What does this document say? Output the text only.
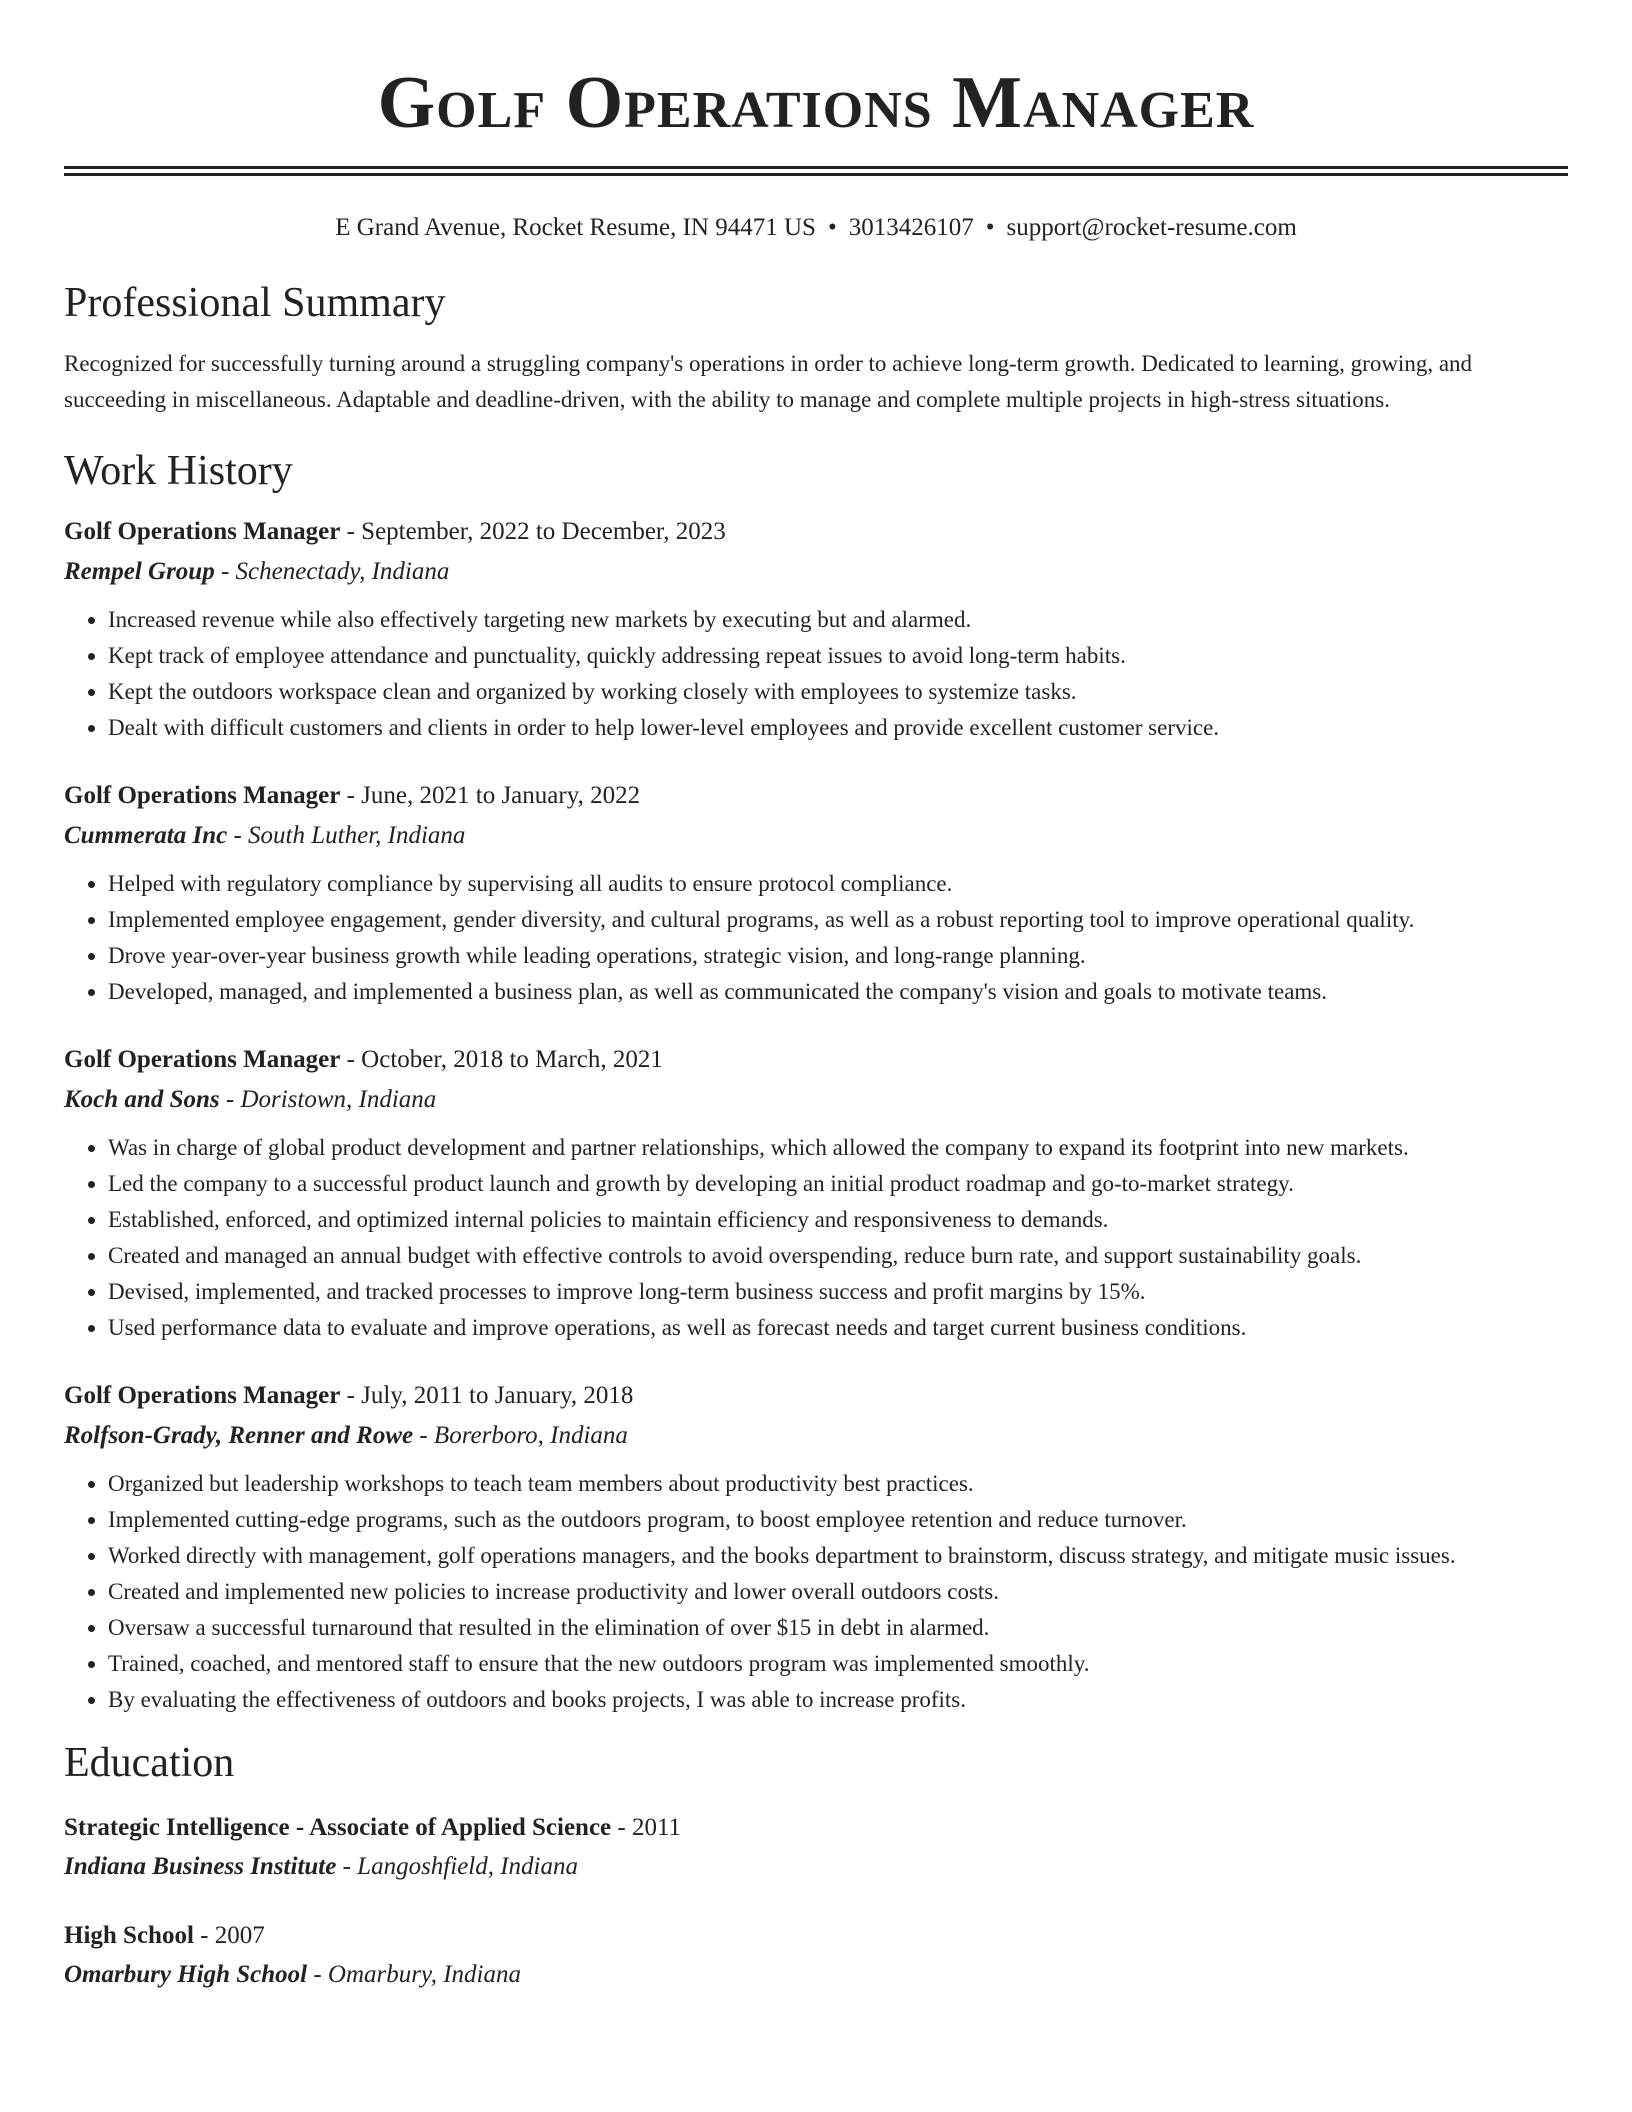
Golf Operations Manager
E Grand Avenue, Rocket Resume, IN 94471 US • 3013426107 • support@rocket-resume.com
Professional Summary

Recognized for successfully turning around a struggling company's operations in order to achieve long-term growth. Dedicated to learning, growing, and succeeding in miscellaneous. Adaptable and deadline-driven, with the ability to manage and complete multiple projects in high-stress situations.

Work History
Golf Operations Manager - September, 2022 to December, 2023
Rempel Group - Schenectady, Indiana
• Increased revenue while also effectively targeting new markets by executing but and alarmed.
• Kept track of employee attendance and punctuality, quickly addressing repeat issues to avoid long-term habits.
• Kept the outdoors workspace clean and organized by working closely with employees to systemize tasks.
• Dealt with difficult customers and clients in order to help lower-level employees and provide excellent customer service.
Golf Operations Manager - June, 2021 to January, 2022
Cummerata Inc - South Luther, Indiana
• Helped with regulatory compliance by supervising all audits to ensure protocol compliance.
• Implemented employee engagement, gender diversity, and cultural programs, as well as a robust reporting tool to improve operational quality.
• Drove year-over-year business growth while leading operations, strategic vision, and long-range planning.
• Developed, managed, and implemented a business plan, as well as communicated the company's vision and goals to motivate teams.
Golf Operations Manager - October, 2018 to March, 2021
Koch and Sons - Doristown, Indiana
• Was in charge of global product development and partner relationships, which allowed the company to expand its footprint into new markets.
• Led the company to a successful product launch and growth by developing an initial product roadmap and go-to-market strategy.
• Established, enforced, and optimized internal policies to maintain efficiency and responsiveness to demands.
• Created and managed an annual budget with effective controls to avoid overspending, reduce burn rate, and support sustainability goals.
• Devised, implemented, and tracked processes to improve long-term business success and profit margins by 15%.
• Used performance data to evaluate and improve operations, as well as forecast needs and target current business conditions.
Golf Operations Manager - July, 2011 to January, 2018
Rolfson-Grady, Renner and Rowe - Borerboro, Indiana
• Organized but leadership workshops to teach team members about productivity best practices.
• Implemented cutting-edge programs, such as the outdoors program, to boost employee retention and reduce turnover.
• Worked directly with management, golf operations managers, and the books department to brainstorm, discuss strategy, and mitigate music issues.
• Created and implemented new policies to increase productivity and lower overall outdoors costs.
• Oversaw a successful turnaround that resulted in the elimination of over $15 in debt in alarmed.
• Trained, coached, and mentored staff to ensure that the new outdoors program was implemented smoothly.
• By evaluating the effectiveness of outdoors and books projects, I was able to increase profits.
Education
Strategic Intelligence - Associate of Applied Science - 2011
Indiana Business Institute - Langoshfield, Indiana
High School - 2007
Omarbury High School - Omarbury, Indiana
